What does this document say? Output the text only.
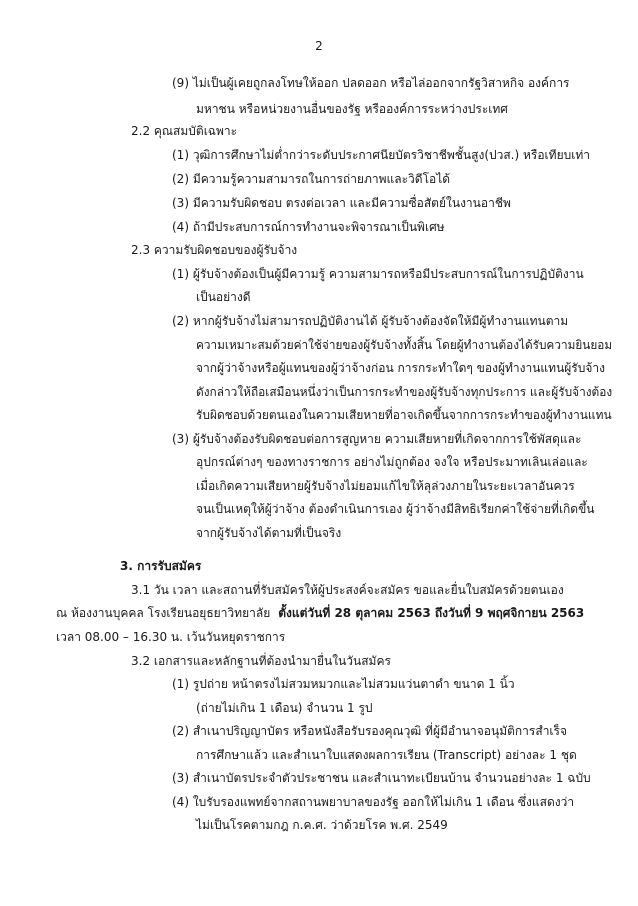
2
(9) ไม่เป็นผู้เคยถูกลงโทษให้ออก ปลดออก หรือไล่ออกจากรัฐวิสาหกิจ องค์การ
มหาชน หรือหน่วยงานอื่นของรัฐ หรือองค์การระหว่างประเทศ
2.2 คุณสมบัติเฉพาะ
(1) วุฒิการศึกษาไม่ต่ำกว่าระดับประกาศนียบัตรวิชาชีพชั้นสูง(ปวส.) หรือเทียบเท่า
(2) มีความรู้ความสามารถในการถ่ายภาพและวิดีโอได้
(3) มีความรับผิดชอบ ตรงต่อเวลา และมีความซื่อสัตย์ในงานอาชีพ
(4) ถ้ามีประสบการณ์การทำงานจะพิจารณาเป็นพิเศษ
2.3 ความรับผิดชอบของผู้รับจ้าง
(1) ผู้รับจ้างต้องเป็นผู้มีความรู้ ความสามารถหรือมีประสบการณ์ในการปฏิบัติงาน
เป็นอย่างดี
(2) หากผู้รับจ้างไม่สามารถปฏิบัติงานได้ ผู้รับจ้างต้องจัดให้มีผู้ทำงานแทนตาม
ความเหมาะสมด้วยค่าใช้จ่ายของผู้รับจ้างทั้งสิ้น โดยผู้ทำงานต้องได้รับความยินยอม
จากผู้ว่าจ้างหรือผู้แทนของผู้ว่าจ้างก่อน การกระทำใดๆ ของผู้ทำงานแทนผู้รับจ้าง
ดังกล่าวให้ถือเสมือนหนึ่งว่าเป็นการกระทำของผู้รับจ้างทุกประการ และผู้รับจ้างต้อง
รับผิดชอบด้วยตนเองในความเสียหายที่อาจเกิดขึ้นจากการกระทำของผู้ทำงานแทน
(3) ผู้รับจ้างต้องรับผิดชอบต่อการสูญหาย ความเสียหายที่เกิดจากการใช้พัสดุและ
อุปกรณ์ต่างๆ ของทางราชการ อย่างไม่ถูกต้อง จงใจ หรือประมาทเลินเล่อและ
เมื่อเกิดความเสียหายผู้รับจ้างไม่ยอมแก้ไขให้ลุล่วงภายในระยะเวลาอันควร
จนเป็นเหตุให้ผู้ว่าจ้าง ต้องดำเนินการเอง ผู้ว่าจ้างมีสิทธิเรียกค่าใช้จ่ายที่เกิดขึ้น
จากผู้รับจ้างได้ตามที่เป็นจริง
3. การรับสมัคร
3.1 วัน เวลา และสถานที่รับสมัครให้ผู้ประสงค์จะสมัคร ขอและยื่นใบสมัครด้วยตนเอง
ณ ห้องงานบุคคล โรงเรียนอยุธยาวิทยาลัย ตั้งแต่วันที่ 28 ตุลาคม 2563 ถึงวันที่ 9 พฤศจิกายน 2563
เวลา 08.00 – 16.30 น. เว้นวันหยุดราชการ
3.2 เอกสารและหลักฐานที่ต้องนำมายื่นในวันสมัคร
(1) รูปถ่าย หน้าตรงไม่สวมหมวกและไม่สวมแว่นตาดำ ขนาด 1 นิ้ว
(ถ่ายไม่เกิน 1 เดือน) จำนวน 1 รูป
(2) สำเนาปริญญาบัตร หรือหนังสือรับรองคุณวุฒิ ที่ผู้มีอำนาจอนุมัติการสำเร็จ
การศึกษาแล้ว และสำเนาใบแสดงผลการเรียน (Transcript) อย่างละ 1 ชุด
(3) สำเนาบัตรประจำตัวประชาชน และสำเนาทะเบียนบ้าน จำนวนอย่างละ 1 ฉบับ
(4) ใบรับรองแพทย์จากสถานพยาบาลของรัฐ ออกให้ไม่เกิน 1 เดือน ซึ่งแสดงว่า
ไม่เป็นโรคตามกฎ ก.ค.ศ. ว่าด้วยโรค พ.ศ. 2549
